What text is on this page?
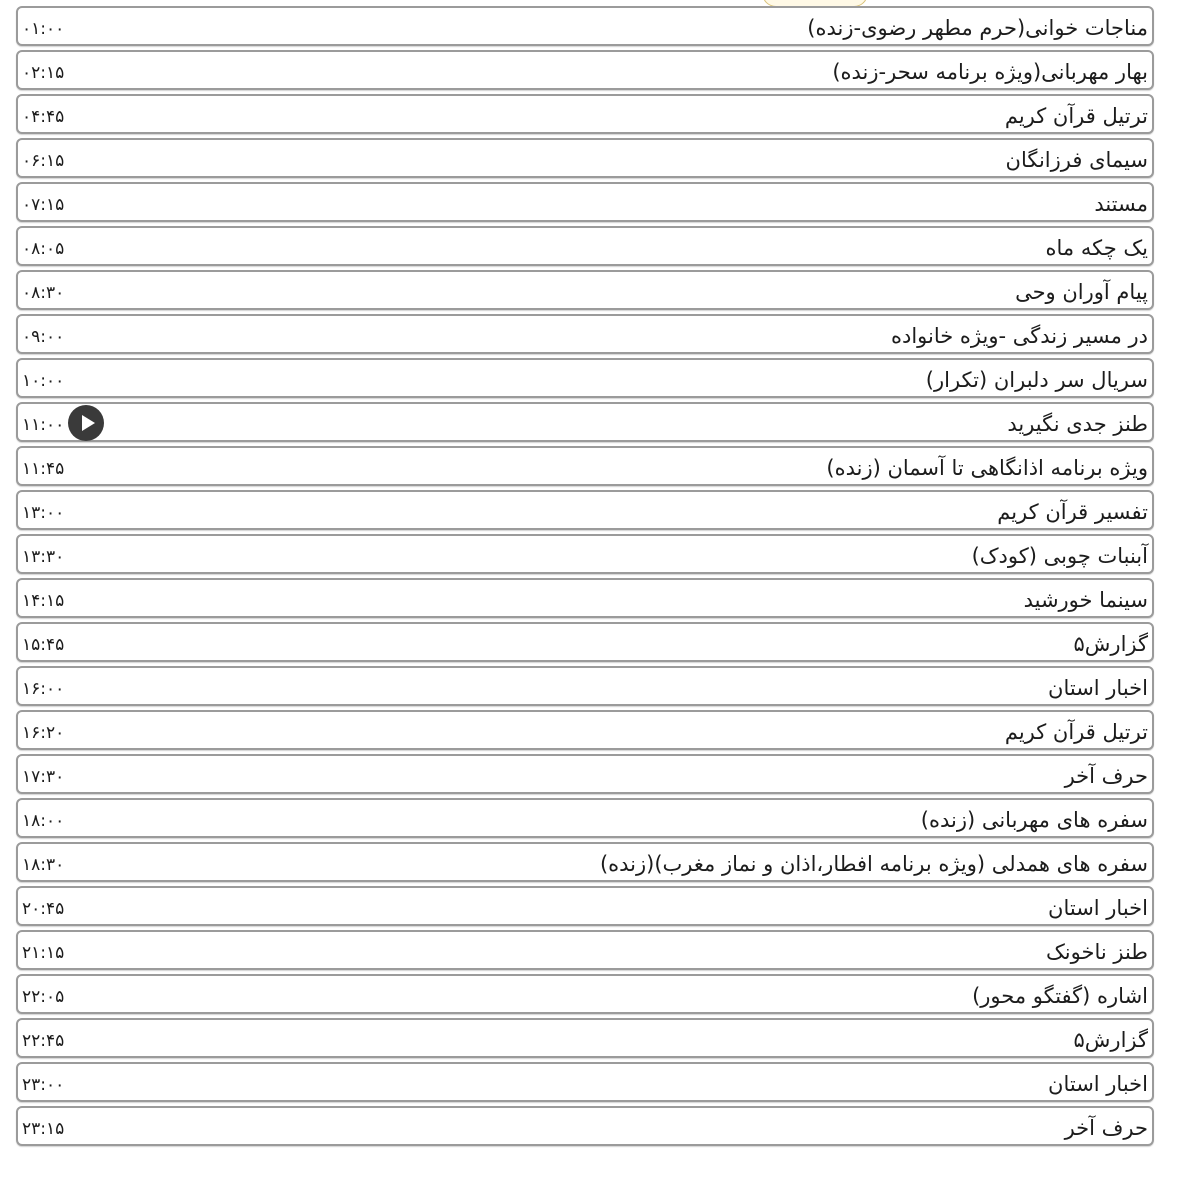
مناجات خوانی(حرم مطهر رضوی-زنده)
۰۱:۰۰
بهار مهربانی(ویژه برنامه سحر-زنده)
۰۲:۱۵
ترتیل قرآن کریم
۰۴:۴۵
سیمای فرزانگان
۰۶:۱۵
مستند
۰۷:۱۵
یک چکه ماه
۰۸:۰۵
پیام آوران وحی
۰۸:۳۰
در مسیر زندگی -ویژه خانواده
۰۹:۰۰
سریال سر دلبران (تکرار)
۱۰:۰۰
طنز جدی نگیرید
۱۱:۰۰
ویژه برنامه اذانگاهی تا آسمان (زنده)
۱۱:۴۵
تفسیر قرآن کریم
۱۳:۰۰
آبنبات چوبی (کودک)
۱۳:۳۰
سینما خورشید
۱۴:۱۵
گزارش۵
۱۵:۴۵
اخبار استان
۱۶:۰۰
ترتیل قرآن کریم
۱۶:۲۰
حرف آخر
۱۷:۳۰
سفره های مهربانی (زنده)
۱۸:۰۰
سفره های همدلی (ویژه برنامه افطار،اذان و نماز مغرب)(زنده)
۱۸:۳۰
اخبار استان
۲۰:۴۵
طنز ناخونک
۲۱:۱۵
اشاره (گفتگو محور)
۲۲:۰۵
گزارش۵
۲۲:۴۵
اخبار استان
۲۳:۰۰
حرف آخر
۲۳:۱۵
